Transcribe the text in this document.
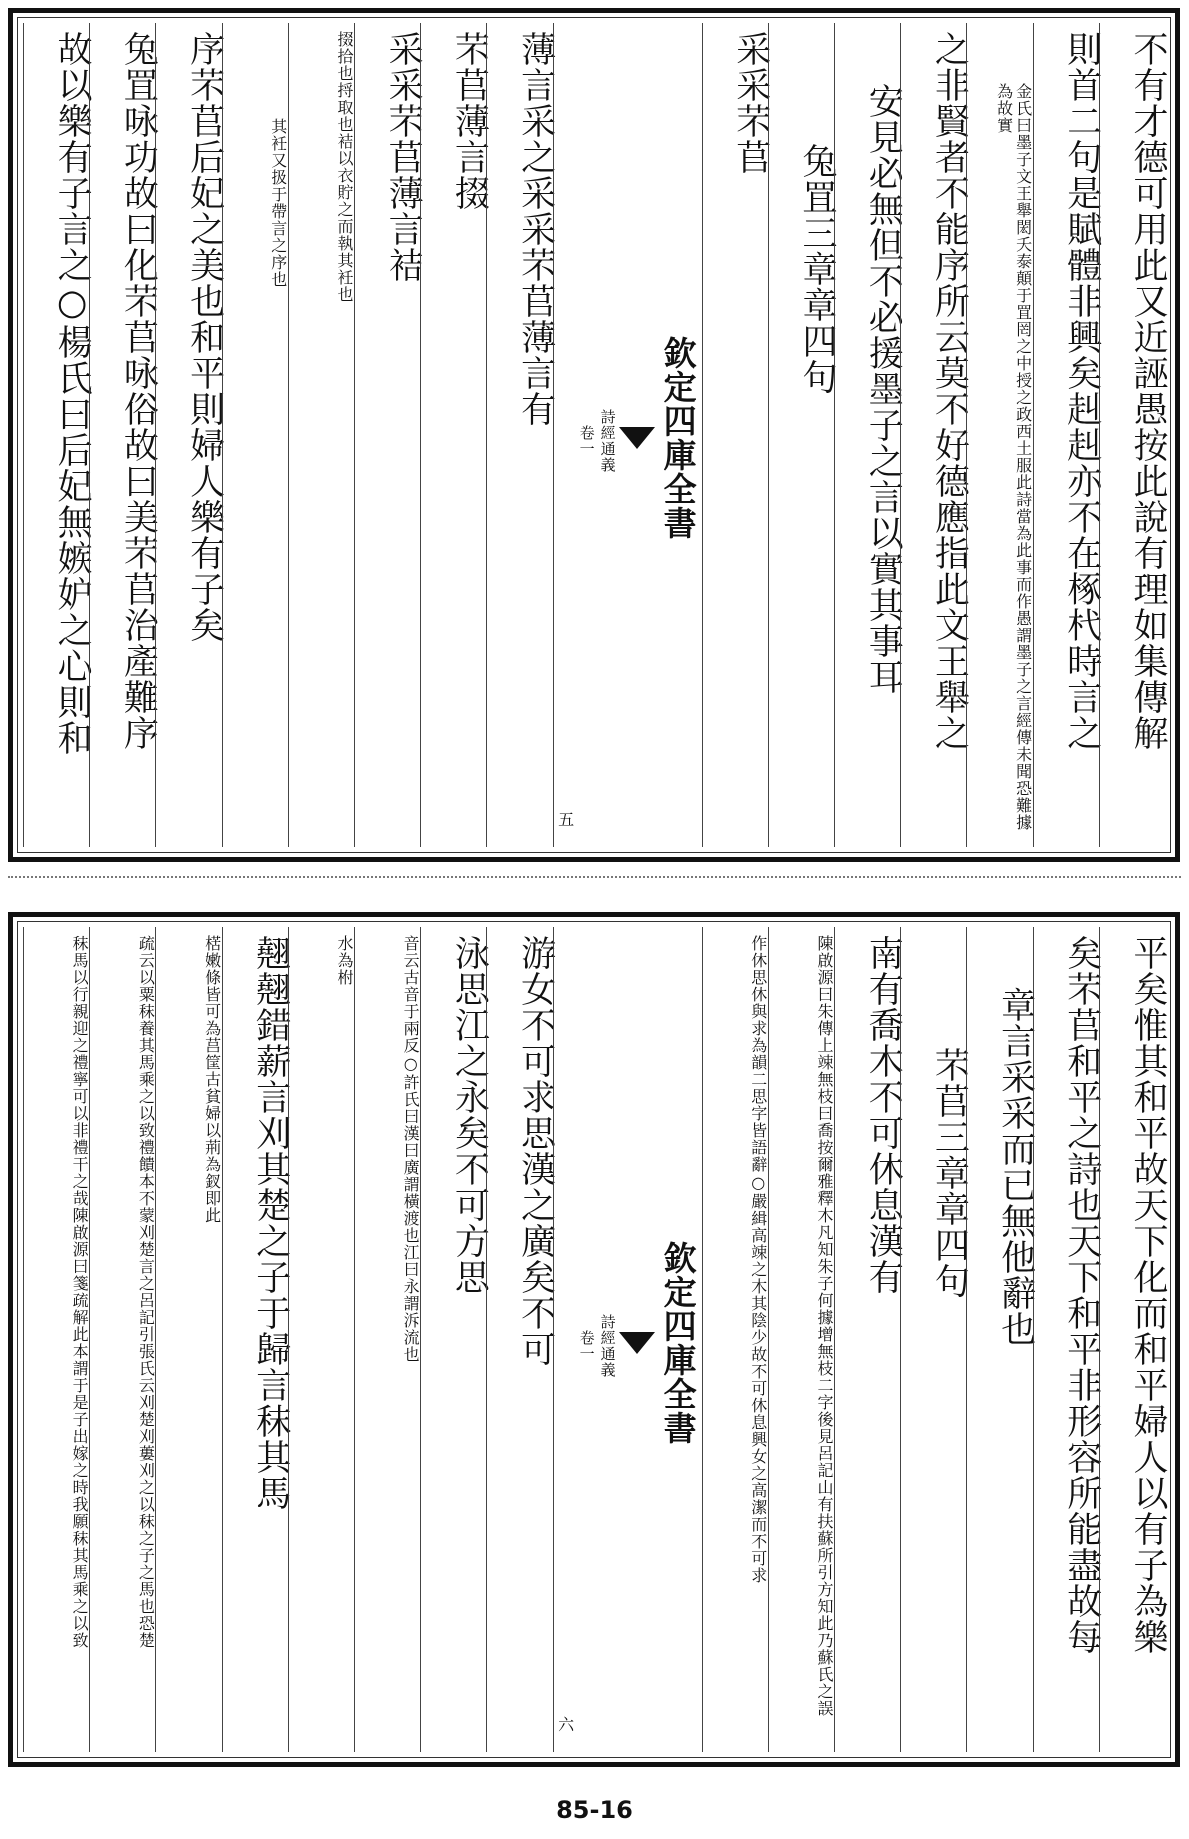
不有才德可用此又近誣愚按此說有理如集傳解
則首二句是賦體非興矣赳赳亦不在椓杙時言之
金氏曰墨子文王舉閎夭泰顛于罝罔之中授之政西土服此詩當為此事而作愚謂墨子之言經傳未聞恐難據為故實
之非賢者不能序所云莫不好德應指此文王舉之
安見必無但不必援墨子之言以實其事耳
兔罝三章章四句
采采芣苢
欽定四庫全書
詩經通義
卷一
五
薄言采之采采芣苢薄言有
芣苢薄言掇
采采芣苢薄言袺
掇拾也捋取也袺以衣貯之而執其衽也
其衽又扱于帶言之序也
序芣苢后妃之美也和平則婦人樂有子矣
兔罝咏功故曰化芣苢咏俗故曰美芣苢治產難序
故以樂有子言之○楊氏曰后妃無嫉妒之心則和
平矣惟其和平故天下化而和平婦人以有子為樂
矣芣苢和平之詩也天下和平非形容所能盡故每
章言采采而已無他辭也
芣苢三章章四句
南有喬木不可休息漢有
陳啟源曰朱傳上竦無枝曰喬按爾雅釋木凡知朱子何據增無枝二字後見呂記山有扶蘇所引方知此乃蘇氏之誤
作休思休與求為韻二思字皆語辭○嚴緝高竦之木其陰少故不可休息興女之高潔而不可求
欽定四庫全書
詩經通義
卷一
六
游女不可求思漢之廣矣不可
泳思江之永矣不可方思
音云古音于兩反○許氏曰漢曰廣謂橫渡也江曰永謂泝流也
水為柎
翹翹錯薪言刈其楚之子于歸言秣其馬
楛嫩條皆可為莒筐古貧婦以荊為釵即此
疏云以粟秣養其馬乘之以致禮饋本不蒙刈楚言之呂記引張氏云刈楚刈蔞刈之以秣之子之馬也恐楚
秣馬以行親迎之禮寧可以非禮干之哉陳啟源曰箋疏解此本謂于是子出嫁之時我願秣其馬乘之以致
85-16
